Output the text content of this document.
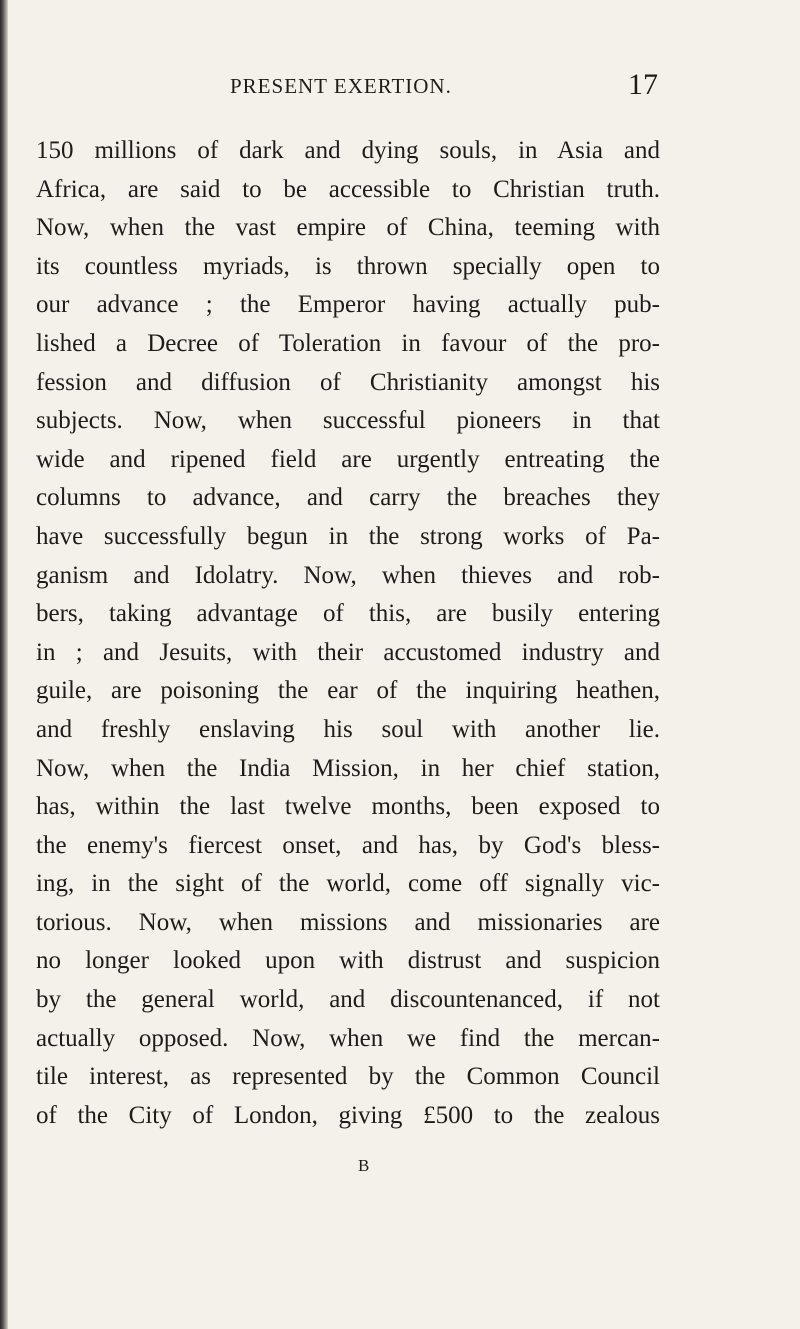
PRESENT EXERTION.	17
150 millions of dark and dying souls, in Asia and
Africa, are said to be accessible to Christian truth.
Now, when the vast empire of China, teeming with
its countless myriads, is thrown specially open to
our advance ; the Emperor having actually pub-
lished a Decree of Toleration in favour of the pro-
fession and diffusion of Christianity amongst his
subjects. Now, when successful pioneers in that
wide and ripened field are urgently entreating the
columns to advance, and carry the breaches they
have successfully begun in the strong works of Pa-
ganism and Idolatry. Now, when thieves and rob-
bers, taking advantage of this, are busily entering
in ; and Jesuits, with their accustomed industry and
guile, are poisoning the ear of the inquiring heathen,
and freshly enslaving his soul with another lie.
Now, when the India Mission, in her chief station,
has, within the last twelve months, been exposed to
the enemy's fiercest onset, and has, by God's bless-
ing, in the sight of the world, come off signally vic-
torious. Now, when missions and missionaries are
no longer looked upon with distrust and suspicion
by the general world, and discountenanced, if not
actually opposed. Now, when we find the mercan-
tile interest, as represented by the Common Council
of the City of London, giving £500 to the zealous
B
